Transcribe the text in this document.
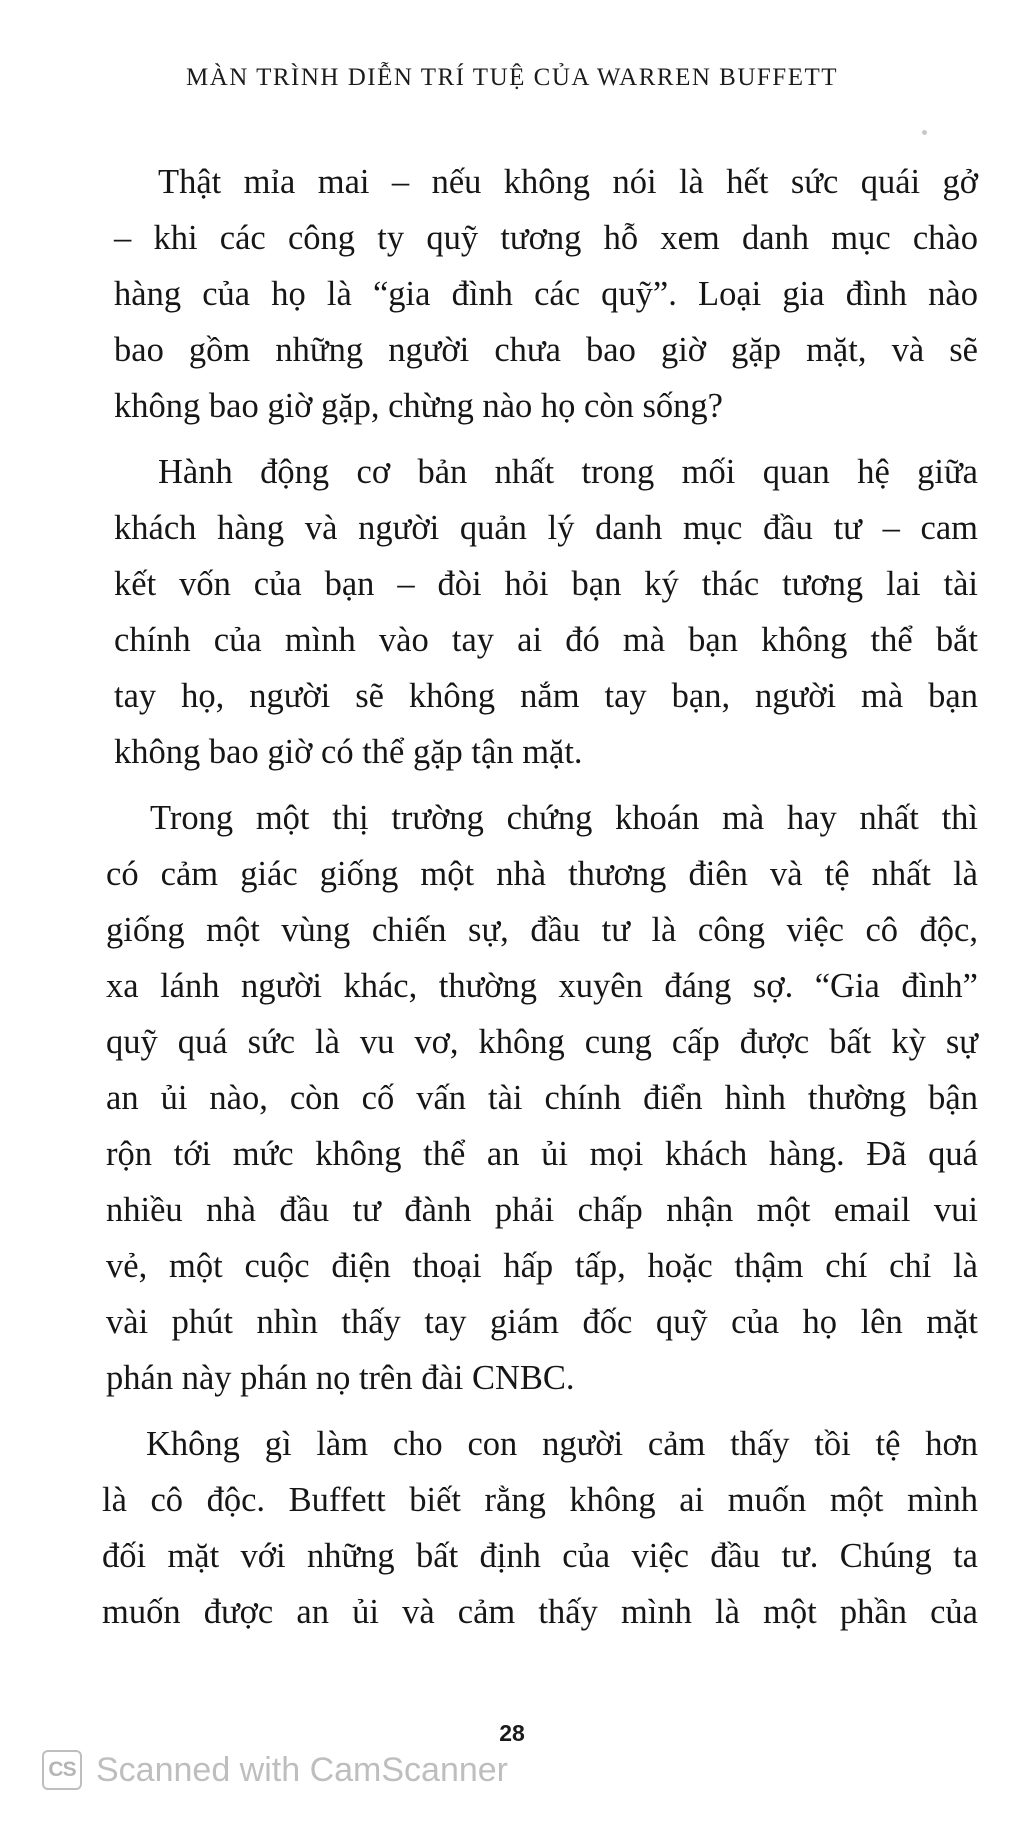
MÀN TRÌNH DIỄN TRÍ TUỆ CỦA WARREN BUFFETT

Thật mỉa mai – nếu không nói là hết sức quái gở
– khi các công ty quỹ tương hỗ xem danh mục chào
hàng của họ là “gia đình các quỹ”. Loại gia đình nào
bao gồm những người chưa bao giờ gặp mặt, và sẽ
không bao giờ gặp, chừng nào họ còn sống?

Hành động cơ bản nhất trong mối quan hệ giữa
khách hàng và người quản lý danh mục đầu tư – cam
kết vốn của bạn – đòi hỏi bạn ký thác tương lai tài
chính của mình vào tay ai đó mà bạn không thể bắt
tay họ, người sẽ không nắm tay bạn, người mà bạn
không bao giờ có thể gặp tận mặt.

Trong một thị trường chứng khoán mà hay nhất thì
có cảm giác giống một nhà thương điên và tệ nhất là
giống một vùng chiến sự, đầu tư là công việc cô độc,
xa lánh người khác, thường xuyên đáng sợ. “Gia đình”
quỹ quá sức là vu vơ, không cung cấp được bất kỳ sự
an ủi nào, còn cố vấn tài chính điển hình thường bận
rộn tới mức không thể an ủi mọi khách hàng. Đã quá
nhiều nhà đầu tư đành phải chấp nhận một email vui
vẻ, một cuộc điện thoại hấp tấp, hoặc thậm chí chỉ là
vài phút nhìn thấy tay giám đốc quỹ của họ lên mặt
phán này phán nọ trên đài CNBC.

Không gì làm cho con người cảm thấy tồi tệ hơn
là cô độc. Buffett biết rằng không ai muốn một mình
đối mặt với những bất định của việc đầu tư. Chúng ta
muốn được an ủi và cảm thấy mình là một phần của

28
CS Scanned with CamScanner
